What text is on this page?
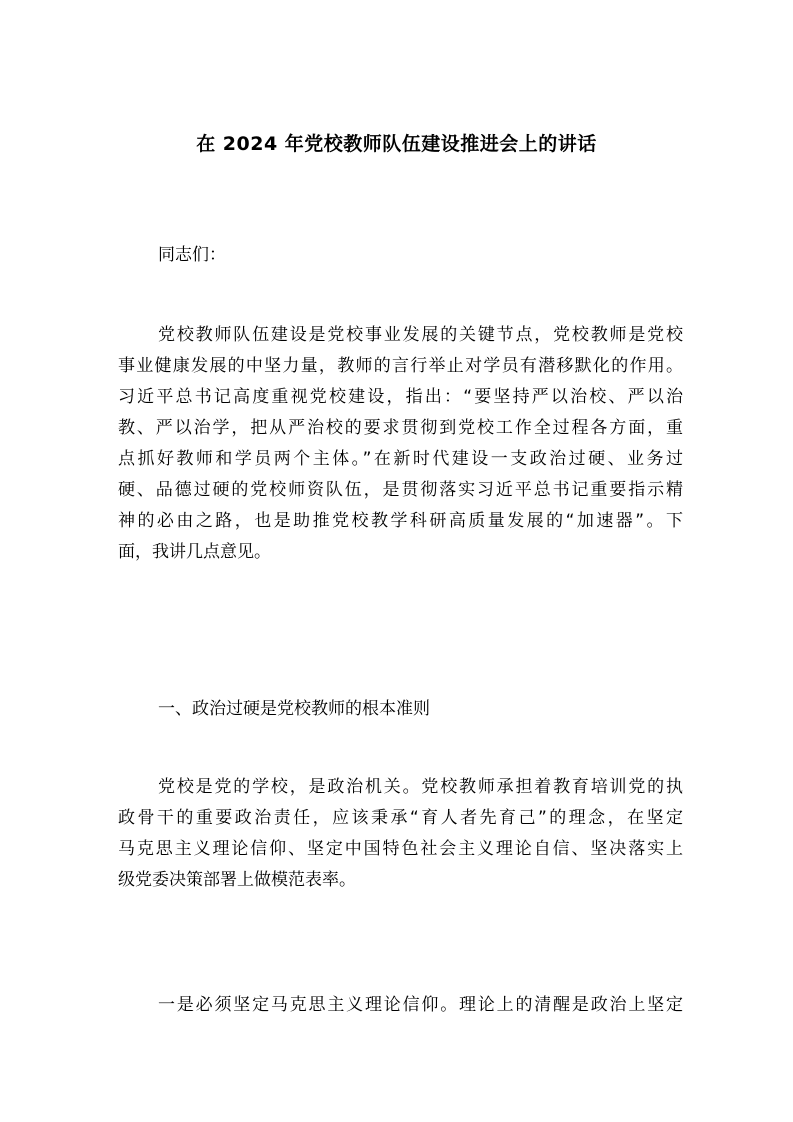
在 2024 年党校教师队伍建设推进会上的讲话
同志们：
党校教师队伍建设是党校事业发展的关键节点，党校教师是党校
事业健康发展的中坚力量，教师的言行举止对学员有潜移默化的作用。
习近平总书记高度重视党校建设，指出：“要坚持严以治校、严以治
教、严以治学，把从严治校的要求贯彻到党校工作全过程各方面，重
点抓好教师和学员两个主体。”在新时代建设一支政治过硬、业务过
硬、品德过硬的党校师资队伍，是贯彻落实习近平总书记重要指示精
神的必由之路，也是助推党校教学科研高质量发展的“加速器”。下
面，我讲几点意见。
一、政治过硬是党校教师的根本准则
党校是党的学校，是政治机关。党校教师承担着教育培训党的执
政骨干的重要政治责任，应该秉承“育人者先育己”的理念，在坚定
马克思主义理论信仰、坚定中国特色社会主义理论自信、坚决落实上
级党委决策部署上做模范表率。
一是必须坚定马克思主义理论信仰。理论上的清醒是政治上坚定
